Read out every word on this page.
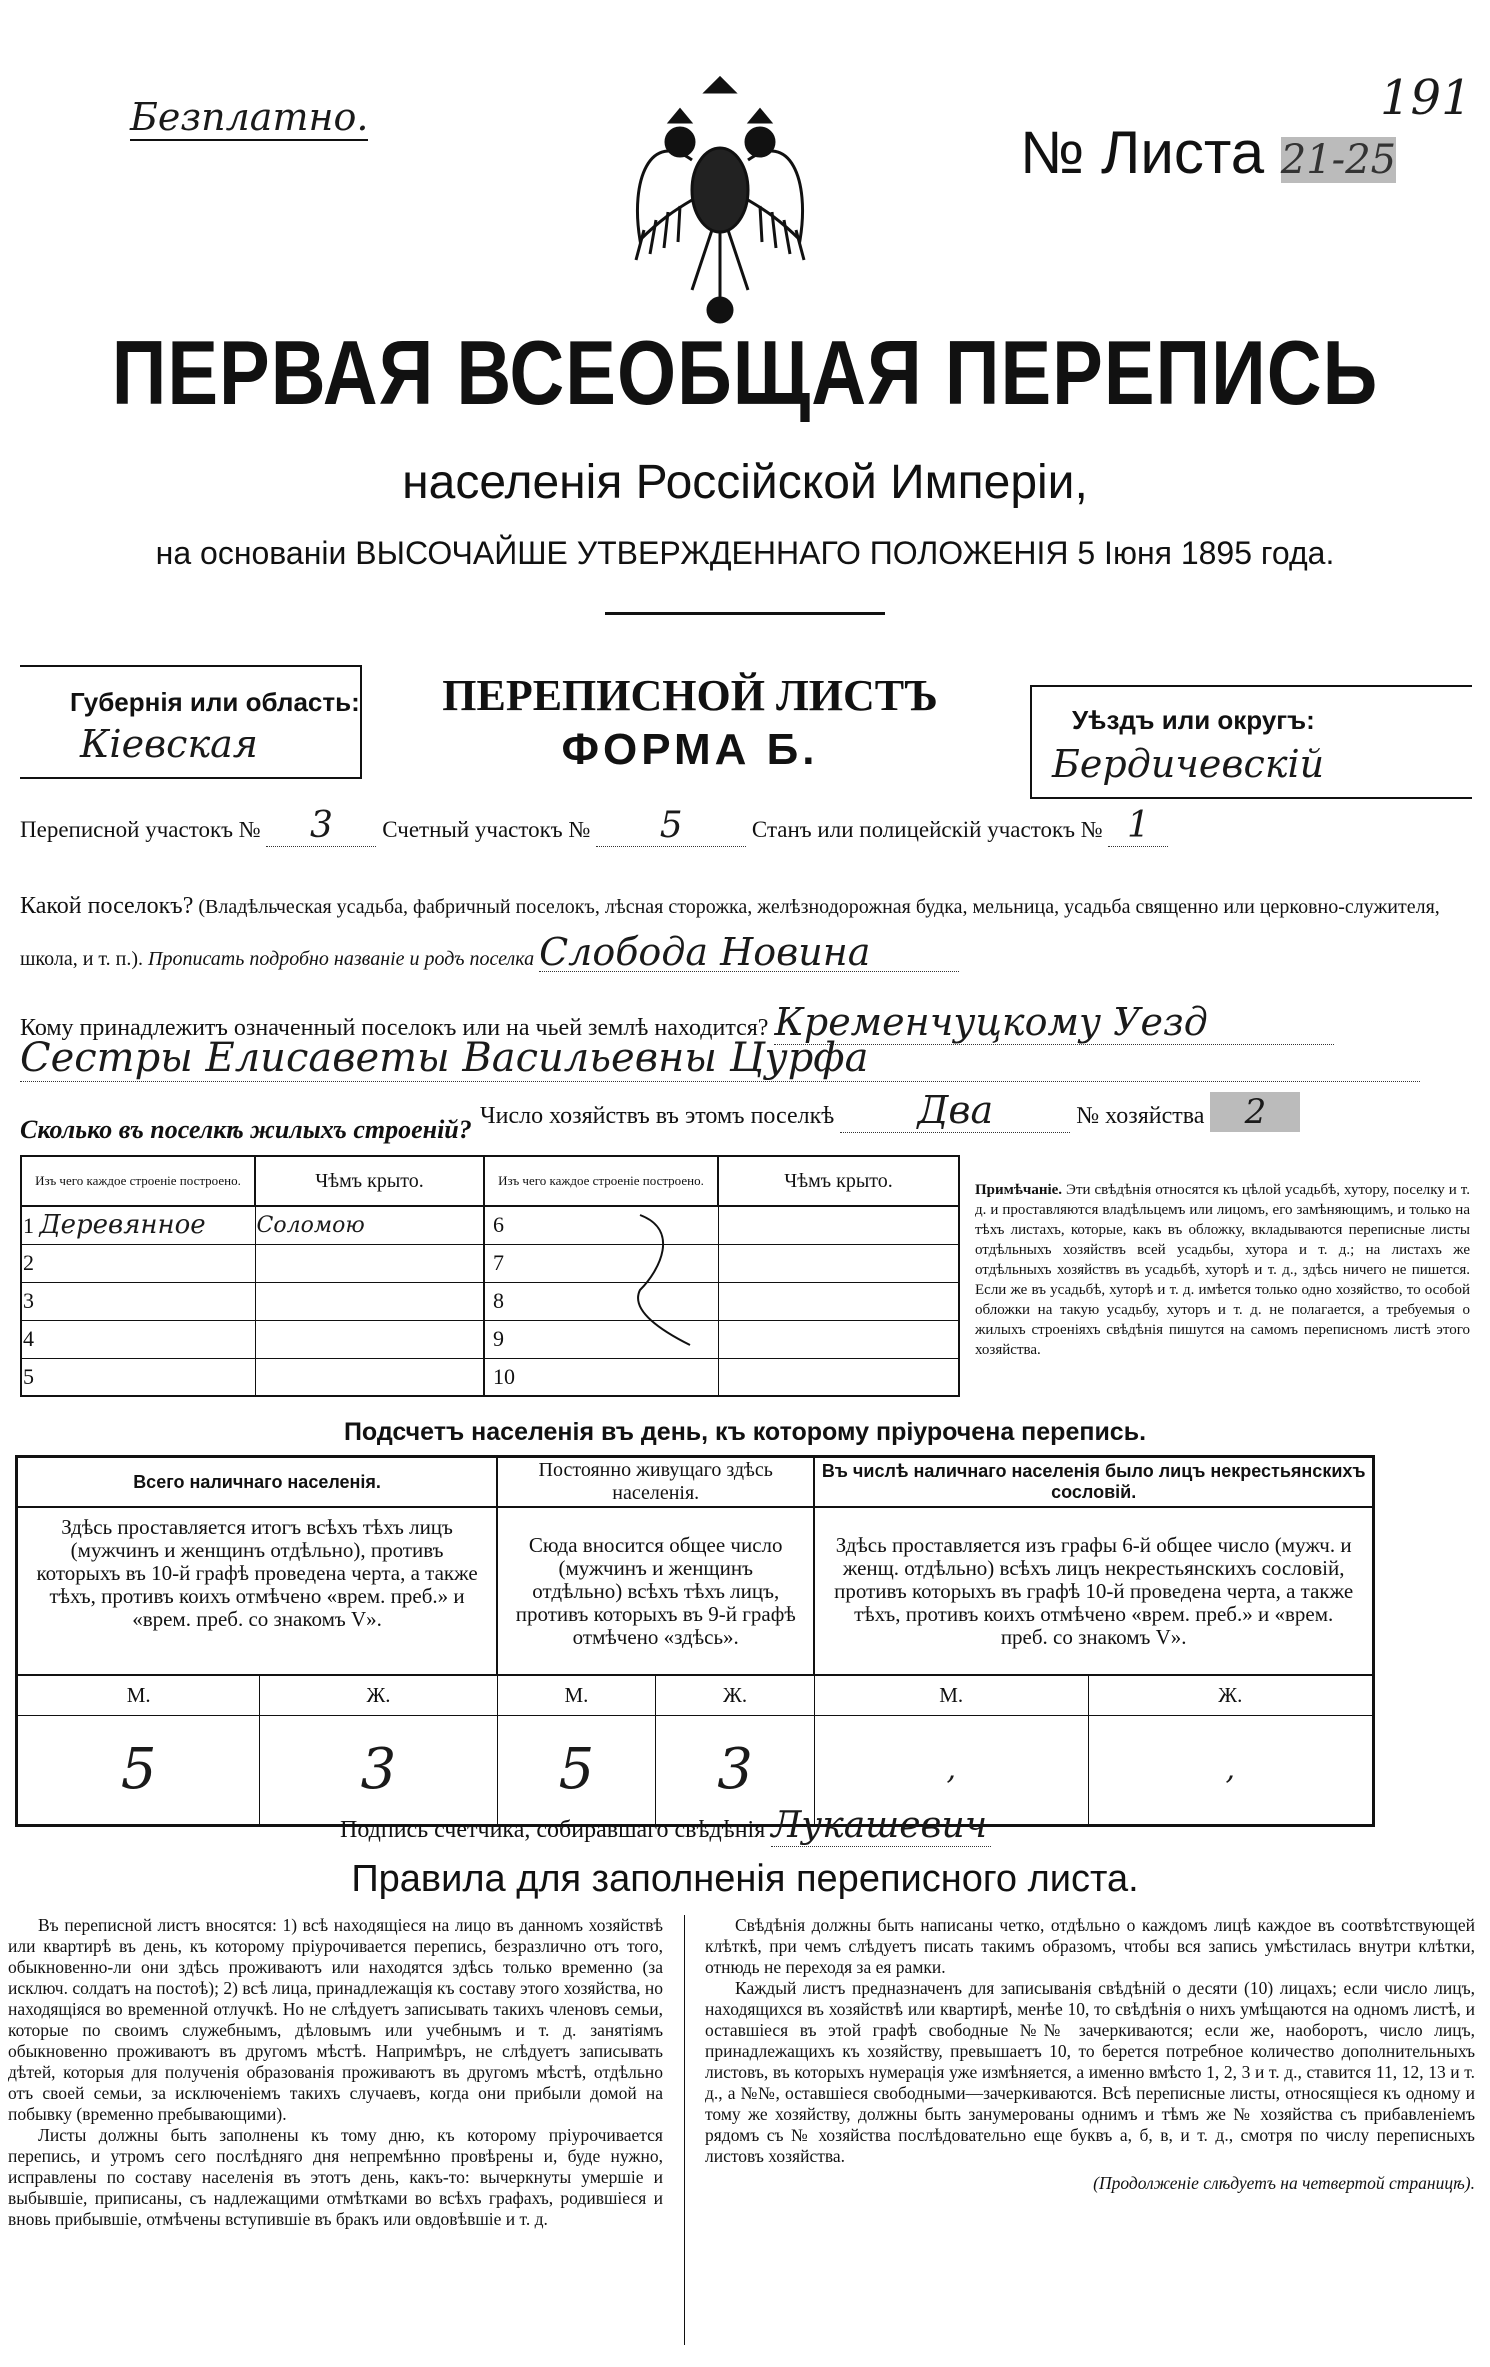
Безплатно.
№ Листа 21-25
191
ПЕРВАЯ ВСЕОБЩАЯ ПЕРЕПИСЬ
населенія Россійской Имперіи,
на основаніи ВЫСОЧАЙШЕ УТВЕРЖДЕННАГО ПОЛОЖЕНІЯ 5 Іюня 1895 года.
Губернія или область:
Кіевская
ПЕРЕПИСНОЙ ЛИСТЪ
ФОРМА Б.
Уѣздъ или округъ:
Бердичевскій
Переписной участокъ № 3 Счетный участокъ № 5	Станъ или полицейскій участокъ № 1
Какой поселокъ? (Владѣльческая усадьба, фабричный поселокъ, лѣсная сторожка, желѣзнодорожная будка, мельница, усадьба священно или церковно-служителя, школа, и т. п.). Прописать подробно названіе и родъ поселка Слобода Новина
Кому принадлежитъ означенный поселокъ или на чьей землѣ находится? Кременчуцкому Уезд
Сестры Елисаветы Васильевны Цурфа
Число хозяйствъ въ этомъ поселкѣ Два	№ хозяйства 2
Сколько въ поселкѣ жилыхъ строеній?
Изъ чего каждое строеніе построено.	Чѣмъ крыто.	Изъ чего каждое строеніе построено.	Чѣмъ крыто.
1 Деревянное	Соломою	6	
2		7	
3		8	
4		9	
5		10	
Примѣчаніе. Эти свѣдѣнія относятся къ цѣлой усадьбѣ, хутору, поселку и т. д. и проставляются владѣльцемъ или лицомъ, его замѣняющимъ, и только на тѣхъ листахъ, которые, какъ въ обложку, вкладываются переписные листы отдѣльныхъ хозяйствъ всей усадьбы, хутора и т. д.; на листахъ же отдѣльныхъ хозяйствъ въ усадьбѣ, хуторѣ и т. д., здѣсь ничего не пишется. Если же въ усадьбѣ, хуторѣ и т. д. имѣется только одно хозяйство, то особой обложки на такую усадьбу, хуторъ и т. д. не полагается, а требуемыя о жилыхъ строеніяхъ свѣдѣнія пишутся на самомъ переписномъ листѣ этого хозяйства.
Подсчетъ населенія въ день, къ которому пріурочена перепись.
Всего наличнаго населенія.		Постоянно живущаго здѣсь населенія.		Въ числѣ наличнаго населенія было лицъ некрестьянскихъ сословій.	
Здѣсь проставляется итогъ всѣхъ тѣхъ лицъ (мужчинъ и женщинъ отдѣльно), противъ которыхъ въ 10-й графѣ проведена черта, а также тѣхъ, противъ коихъ отмѣчено «врем. преб.» и «врем. преб. со знакомъ V».		Сюда вносится общее число (мужчинъ и женщинъ отдѣльно) всѣхъ тѣхъ лицъ, противъ которыхъ въ 9-й графѣ отмѣчено «здѣсь».		Здѣсь проставляется изъ графы 6-й общее число (мужч. и женщ. отдѣльно) всѣхъ лицъ некрестьянскихъ сословій, противъ которыхъ въ графѣ 10-й проведена черта, а также тѣхъ, противъ коихъ отмѣчено «врем. преб.» и «врем. преб. со знакомъ V».	
М.	Ж.	М.	Ж.	М.	Ж.
5	3	5	3	,	,
Подпись счетчика, собиравшаго свѣдѣнія Лукашевич
Правила для заполненія переписного листа.
Въ переписной листъ вносятся: 1) всѣ находящіеся на лицо въ данномъ хозяйствѣ или квартирѣ въ день, къ которому пріурочивается перепись, безразлично отъ того, обыкновенно-ли они здѣсь проживаютъ или находятся здѣсь только временно (за исключ. солдатъ на постоѣ); 2) всѣ лица, принадлежащія къ составу этого хозяйства, но находящіяся во временной отлучкѣ. Но не слѣдуетъ записывать такихъ членовъ семьи, которые по своимъ служебнымъ, дѣловымъ или учебнымъ и т. д. занятіямъ обыкновенно проживаютъ въ другомъ мѣстѣ. Напримѣръ, не слѣдуетъ записывать дѣтей, которыя для полученія образованія проживаютъ въ другомъ мѣстѣ, отдѣльно отъ своей семьи, за исключеніемъ такихъ случаевъ, когда они прибыли домой на побывку (временно пребывающими).
Листы должны быть заполнены къ тому дню, къ которому пріурочивается перепись, и утромъ сего послѣдняго дня непремѣнно провѣрены и, буде нужно, исправлены по составу населенія въ этотъ день, какъ-то: вычеркнуты умершіе и выбывшіе, приписаны, съ надлежащими отмѣтками во всѣхъ графахъ, родившіеся и вновь прибывшіе, отмѣчены вступившіе въ бракъ или овдовѣвшіе и т. д.
Свѣдѣнія должны быть написаны четко, отдѣльно о каждомъ лицѣ каждое въ соотвѣтствующей клѣткѣ, при чемъ слѣдуетъ писать такимъ образомъ, чтобы вся запись умѣстилась внутри клѣтки, отнюдь не переходя за ея рамки.
Каждый листъ предназначенъ для записыванія свѣдѣній о десяти (10) лицахъ; если число лицъ, находящихся въ хозяйствѣ или квартирѣ, менѣе 10, то свѣдѣнія о нихъ умѣщаются на одномъ листѣ, и оставшіеся въ этой графѣ свободные №№ зачеркиваются; если же, наоборотъ, число лицъ, принадлежащихъ къ хозяйству, превышаетъ 10, то берется потребное количество дополнительныхъ листовъ, въ которыхъ нумерація уже измѣняется, а именно вмѣсто 1, 2, 3 и т. д., ставится 11, 12, 13 и т. д., а №№, оставшіеся свободными—зачеркиваются. Всѣ переписные листы, относящіеся къ одному и тому же хозяйству, должны быть занумерованы однимъ и тѣмъ же № хозяйства съ прибавленіемъ рядомъ съ № хозяйства послѣдовательно еще буквъ а, б, в, и т. д., смотря по числу переписныхъ листовъ хозяйства.
(Продолженіе слѣдуетъ на четвертой страницѣ).
